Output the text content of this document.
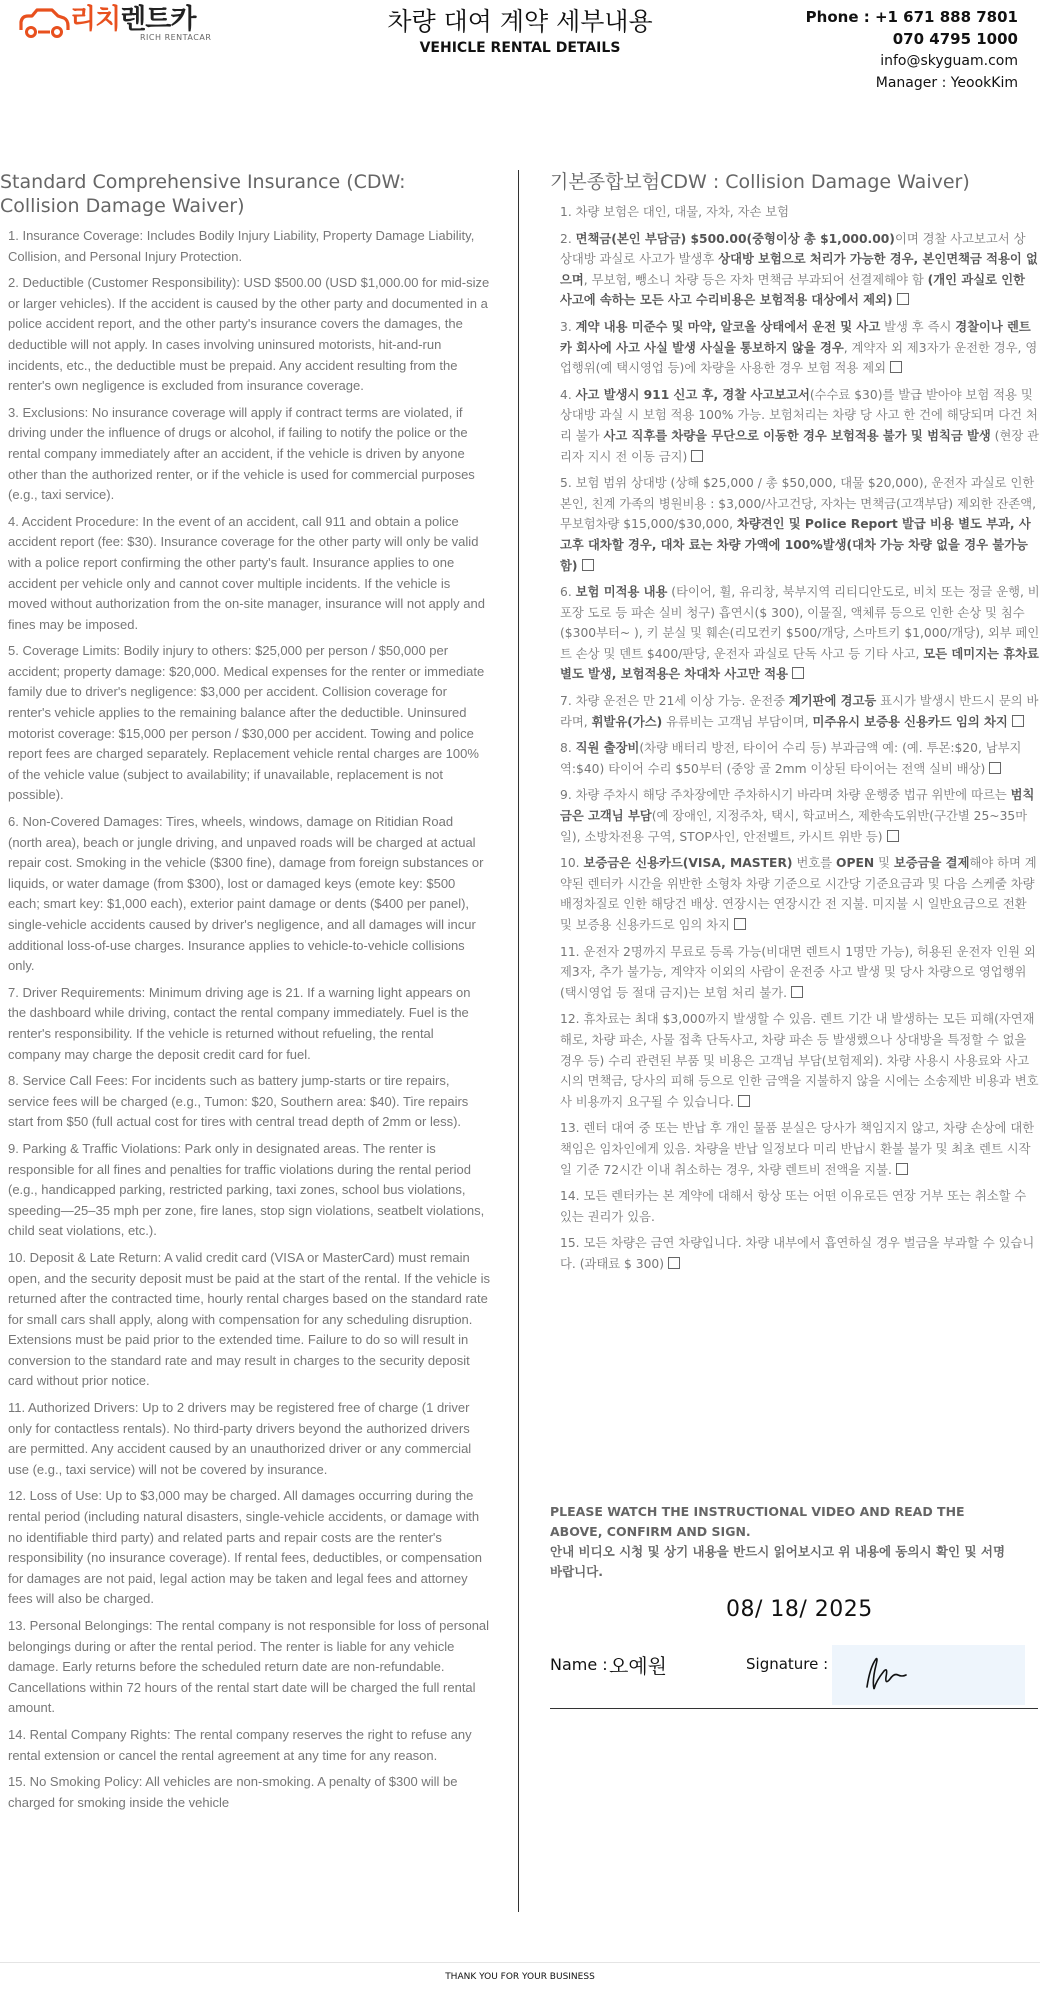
리치렌트카
RICH RENTACAR
차량 대여 계약 세부내용
VEHICLE RENTAL DETAILS
Phone : +1 671 888 7801
070 4795 1000
info@skyguam.com
Manager : YeookKim
Standard Comprehensive Insurance (CDW: Collision Damage Waiver)

1. Insurance Coverage: Includes Bodily Injury Liability, Property Damage Liability, Collision, and Personal Injury Protection.

2. Deductible (Customer Responsibility): USD $500.00 (USD $1,000.00 for mid-size or larger vehicles). If the accident is caused by the other party and documented in a police accident report, and the other party's insurance covers the damages, the deductible will not apply. In cases involving uninsured motorists, hit-and-run incidents, etc., the deductible must be prepaid. Any accident resulting from the renter's own negligence is excluded from insurance coverage.

3. Exclusions: No insurance coverage will apply if contract terms are violated, if driving under the influence of drugs or alcohol, if failing to notify the police or the rental company immediately after an accident, if the vehicle is driven by anyone other than the authorized renter, or if the vehicle is used for commercial purposes (e.g., taxi service).

4. Accident Procedure: In the event of an accident, call 911 and obtain a police accident report (fee: $30). Insurance coverage for the other party will only be valid with a police report confirming the other party's fault. Insurance applies to one accident per vehicle only and cannot cover multiple incidents. If the vehicle is moved without authorization from the on-site manager, insurance will not apply and fines may be imposed.

5. Coverage Limits: Bodily injury to others: $25,000 per person / $50,000 per accident; property damage: $20,000. Medical expenses for the renter or immediate family due to driver's negligence: $3,000 per accident. Collision coverage for renter's vehicle applies to the remaining balance after the deductible. Uninsured motorist coverage: $15,000 per person / $30,000 per accident. Towing and police report fees are charged separately. Replacement vehicle rental charges are 100% of the vehicle value (subject to availability; if unavailable, replacement is not possible).

6. Non-Covered Damages: Tires, wheels, windows, damage on Ritidian Road (north area), beach or jungle driving, and unpaved roads will be charged at actual repair cost. Smoking in the vehicle ($300 fine), damage from foreign substances or liquids, or water damage (from $300), lost or damaged keys (emote key: $500 each; smart key: $1,000 each), exterior paint damage or dents ($400 per panel), single-vehicle accidents caused by driver's negligence, and all damages will incur additional loss-of-use charges. Insurance applies to vehicle-to-vehicle collisions only.

7. Driver Requirements: Minimum driving age is 21. If a warning light appears on the dashboard while driving, contact the rental company immediately. Fuel is the renter's responsibility. If the vehicle is returned without refueling, the rental company may charge the deposit credit card for fuel.

8. Service Call Fees: For incidents such as battery jump-starts or tire repairs, service fees will be charged (e.g., Tumon: $20, Southern area: $40). Tire repairs start from $50 (full actual cost for tires with central tread depth of 2mm or less).

9. Parking & Traffic Violations: Park only in designated areas. The renter is responsible for all fines and penalties for traffic violations during the rental period (e.g., handicapped parking, restricted parking, taxi zones, school bus violations, speeding—25–35 mph per zone, fire lanes, stop sign violations, seatbelt violations, child seat violations, etc.).

10. Deposit & Late Return: A valid credit card (VISA or MasterCard) must remain open, and the security deposit must be paid at the start of the rental. If the vehicle is returned after the contracted time, hourly rental charges based on the standard rate for small cars shall apply, along with compensation for any scheduling disruption. Extensions must be paid prior to the extended time. Failure to do so will result in conversion to the standard rate and may result in charges to the security deposit card without prior notice.

11. Authorized Drivers: Up to 2 drivers may be registered free of charge (1 driver only for contactless rentals). No third-party drivers beyond the authorized drivers are permitted. Any accident caused by an unauthorized driver or any commercial use (e.g., taxi service) will not be covered by insurance.

12. Loss of Use: Up to $3,000 may be charged. All damages occurring during the rental period (including natural disasters, single-vehicle accidents, or damage with no identifiable third party) and related parts and repair costs are the renter's responsibility (no insurance coverage). If rental fees, deductibles, or compensation for damages are not paid, legal action may be taken and legal fees and attorney fees will also be charged.

13. Personal Belongings: The rental company is not responsible for loss of personal belongings during or after the rental period. The renter is liable for any vehicle damage. Early returns before the scheduled return date are non-refundable. Cancellations within 72 hours of the rental start date will be charged the full rental amount.

14. Rental Company Rights: The rental company reserves the right to refuse any rental extension or cancel the rental agreement at any time for any reason.

15. No Smoking Policy: All vehicles are non-smoking. A penalty of $300 will be charged for smoking inside the vehicle

기본종합보험CDW : Collision Damage Waiver)

1. 차량 보험은 대인, 대물, 자차, 자손 보험

2. 면책금(본인 부담금) $500.00(중형이상 총 $1,000.00)이며 경찰 사고보고서 상 상대방 과실로 사고가 발생후 상대방 보험으로 처리가 가능한 경우, 본인면책금 적용이 없으며, 무보험, 뺑소니 차량 등은 자차 면책금 부과되어 선결제해야 함 (개인 과실로 인한 사고에 속하는 모든 사고 수리비용은 보험적용 대상에서 제외)

3. 계약 내용 미준수 및 마약, 알코올 상태에서 운전 및 사고 발생 후 즉시 경찰이나 렌트카 회사에 사고 사실 발생 사실을 통보하지 않을 경우, 계약자 외 제3자가 운전한 경우, 영업행위(예 택시영업 등)에 차량을 사용한 경우 보험 적용 제외

4. 사고 발생시 911 신고 후, 경찰 사고보고서(수수료 $30)를 발급 받아야 보험 적용 및 상대방 과실 시 보험 적용 100% 가능. 보험처리는 차량 당 사고 한 건에 해당되며 다건 처리 불가 사고 직후를 차량을 무단으로 이동한 경우 보험적용 불가 및 범칙금 발생 (현장 관리자 지시 전 이동 금지)

5. 보험 범위 상대방 (상해 $25,000 / 총 $50,000, 대물 $20,000), 운전자 과실로 인한 본인, 친계 가족의 병원비용 : $3,000/사고건당, 자차는 면책금(고객부담) 제외한 잔존액, 무보험차량 $15,000/$30,000, 차량견인 및 Police Report 발급 비용 별도 부과, 사고후 대차할 경우, 대차 료는 차량 가액에 100%발생(대차 가능 차량 없을 경우 불가능함)

6. 보험 미적용 내용 (타이어, 휠, 유리창, 북부지역 리티디안도로, 비치 또는 정글 운행, 비포장 도로 등 파손 실비 청구) 흡연시($ 300), 이물질, 액체류 등으로 인한 손상 및 침수($300부터~ ), 키 분실 및 훼손(리모컨키 $500/개당, 스마트키 $1,000/개당), 외부 페인트 손상 및 덴트 $400/판당, 운전자 과실로 단독 사고 등 기타 사고, 모든 데미지는 휴차료 별도 발생, 보험적용은 차대차 사고만 적용

7. 차량 운전은 만 21세 이상 가능. 운전중 계기판에 경고등 표시가 발생시 반드시 문의 바라며, 휘발유(가스) 유류비는 고객님 부담이며, 미주유시 보증용 신용카드 임의 차지

8. 직원 출장비(차량 배터리 방전, 타이어 수리 등) 부과금액 예: (예. 투몬:$20, 남부지역:$40) 타이어 수리 $50부터 (중앙 골 2mm 이상된 타이어는 전액 실비 배상)

9. 차량 주차시 해당 주차장에만 주차하시기 바라며 차량 운행중 법규 위반에 따르는 범칙금은 고객님 부담(예 장애인, 지정주차, 택시, 학교버스, 제한속도위반(구간별 25~35마일), 소방차전용 구역, STOP사인, 안전벨트, 카시트 위반 등)

10. 보증금은 신용카드(VISA, MASTER) 번호를 OPEN 및 보증금을 결제해야 하며 계약된 렌터카 시간을 위반한 소형차 차량 기준으로 시간당 기준요금과 및 다음 스케줄 차량 배정차질로 인한 해당건 배상. 연장시는 연장시간 전 지불. 미지불 시 일반요금으로 전환 및 보증용 신용카드로 임의 차지

11. 운전자 2명까지 무료로 등록 가능(비대면 렌트시 1명만 가능), 허용된 운전자 인원 외 제3자, 추가 불가능, 계약자 이외의 사람이 운전중 사고 발생 및 당사 차량으로 영업행위(택시영업 등 절대 금지)는 보험 처리 불가.

12. 휴차료는 최대 $3,000까지 발생할 수 있음. 렌트 기간 내 발생하는 모든 피해(자연재해로, 차량 파손, 사물 접촉 단독사고, 차량 파손 등 발생했으나 상대방을 특정할 수 없을 경우 등) 수리 관련된 부품 및 비용은 고객님 부담(보험제외). 차량 사용시 사용료와 사고시의 면책금, 당사의 피해 등으로 인한 금액을 지불하지 않을 시에는 소송제반 비용과 변호사 비용까지 요구될 수 있습니다.

13. 렌터 대여 중 또는 반납 후 개인 물품 분실은 당사가 책임지지 않고, 차량 손상에 대한 책임은 임차인에게 있음. 차량을 반납 일정보다 미리 반납시 환불 불가 및 최초 렌트 시작일 기준 72시간 이내 취소하는 경우, 차량 렌트비 전액을 지불.

14. 모든 렌터카는 본 계약에 대해서 항상 또는 어떤 이유로든 연장 거부 또는 취소할 수 있는 권리가 있음.

15. 모든 차량은 금연 차량입니다. 차량 내부에서 흡연하실 경우 벌금을 부과할 수 있습니다. (과태료 $ 300)

PLEASE WATCH THE INSTRUCTIONAL VIDEO AND READ THE ABOVE, CONFIRM AND SIGN.
안내 비디오 시청 및 상기 내용을 반드시 읽어보시고 위 내용에 동의시 확인 및 서명 바랍니다.
08/ 18/ 2025
Name : 오예원	Signature :
THANK YOU FOR YOUR BUSINESS
